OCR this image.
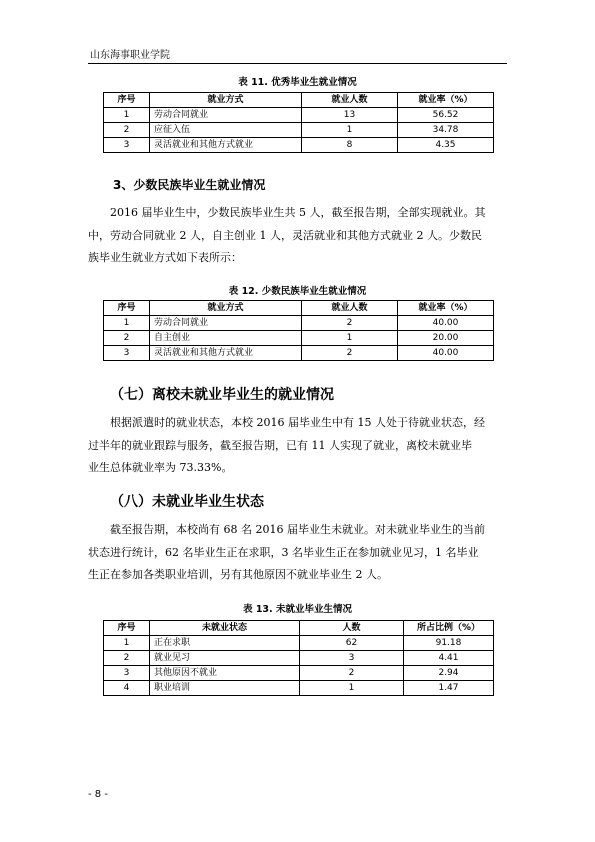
山东海事职业学院
表 11. 优秀毕业生就业情况
序号	就业方式	就业人数	就业率（%）
1	劳动合同就业	13	56.52
2	应征入伍	1	34.78
3	灵活就业和其他方式就业	8	4.35
3、少数民族毕业生就业情况
　　2016 届毕业生中，少数民族毕业生共 5 人，截至报告期，全部实现就业。其
中，劳动合同就业 2 人，自主创业 1 人，灵活就业和其他方式就业 2 人。少数民
族毕业生就业方式如下表所示：
表 12. 少数民族毕业生就业情况
序号	就业方式	就业人数	就业率（%）
1	劳动合同就业	2	40.00
2	自主创业	1	20.00
3	灵活就业和其他方式就业	2	40.00
（七）离校未就业毕业生的就业情况
　　根据派遣时的就业状态，本校 2016 届毕业生中有 15 人处于待就业状态，经
过半年的就业跟踪与服务，截至报告期，已有 11 人实现了就业，离校未就业毕
业生总体就业率为 73.33%。
（八）未就业毕业生状态
　　截至报告期，本校尚有 68 名 2016 届毕业生未就业。对未就业毕业生的当前
状态进行统计，62 名毕业生正在求职，3 名毕业生正在参加就业见习，1 名毕业
生正在参加各类职业培训，另有其他原因不就业毕业生 2 人。
表 13. 未就业毕业生情况
序号	未就业状态	人数	所占比例（%）
1	正在求职	62	91.18
2	就业见习	3	4.41
3	其他原因不就业	2	2.94
4	职业培训	1	1.47
- 8 -
